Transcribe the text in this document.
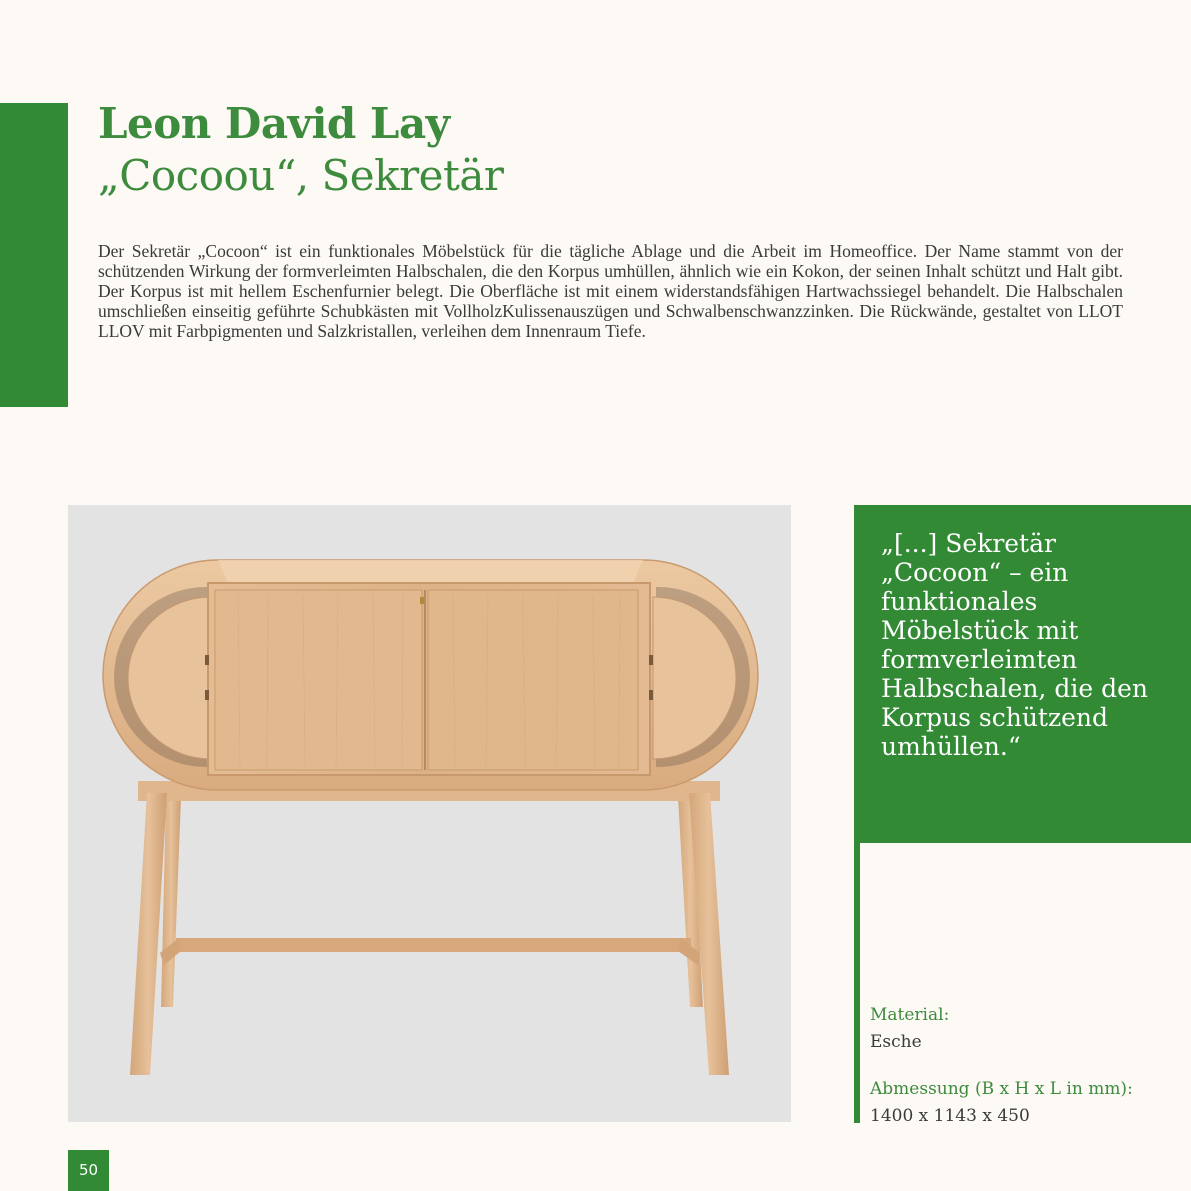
Leon David Lay
„Cocoou“, Sekretär

Der Sekretär „Cocoon“ ist ein funktionales Möbelstück für die tägliche Ablage und die Arbeit im Homeoffice. Der Name stammt von der schützenden Wirkung der formverleimten Halbschalen, die den Korpus umhüllen, ähnlich wie ein Kokon, der seinen Inhalt schützt und Halt gibt. Der Korpus ist mit hellem Eschenfurnier belegt. Die Oberfläche ist mit einem widerstandsfähigen Hartwachssiegel behandelt. Die Halbschalen umschließen einseitig geführte Schubkästen mit VollholzKulissenauszügen und Schwalbenschwanzzinken. Die Rückwände, gestaltet von LLOT LLOV mit Farbpigmenten und Salzkristallen, verleihen dem Innenraum Tiefe.

„[...] Sekretär „Cocoon“ – ein funktionales Möbelstück mit formverleimten Halbschalen, die den Korpus schützend umhüllen.“

Material:

Esche

Abmessung (B x H x L in mm):

1400 x 1143 x 450

50
